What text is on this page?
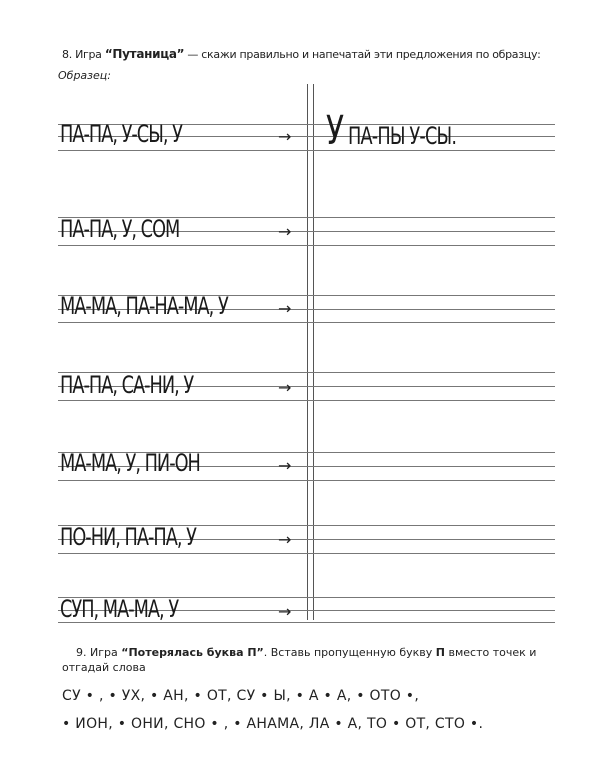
8. Игра “Путаница” — скажи правильно и напечатай эти предложения по образцу:
Образец:
ПА-ПА, У-СЫ, У
ПА-ПА, У, СОМ
МА-МА, ПА-НА-МА, У
ПА-ПА, СА-НИ, У
МА-МА, У, ПИ-ОН
ПО-НИ, ПА-ПА, У
СУП, МА-МА, У
→
→
→
→
→
→
→
У ПА-ПЫ У-СЫ.
9. Игра “Потерялась буква П”. Вставь пропущенную букву П вместо точек и
отгадай слова
СУ • , • УХ, • АН, • ОТ, СУ • Ы, • А • А, • ОТО •,
• ИОН, • ОНИ, СНО • , • АНАМА, ЛА • А, ТО • ОТ, СТО •.
